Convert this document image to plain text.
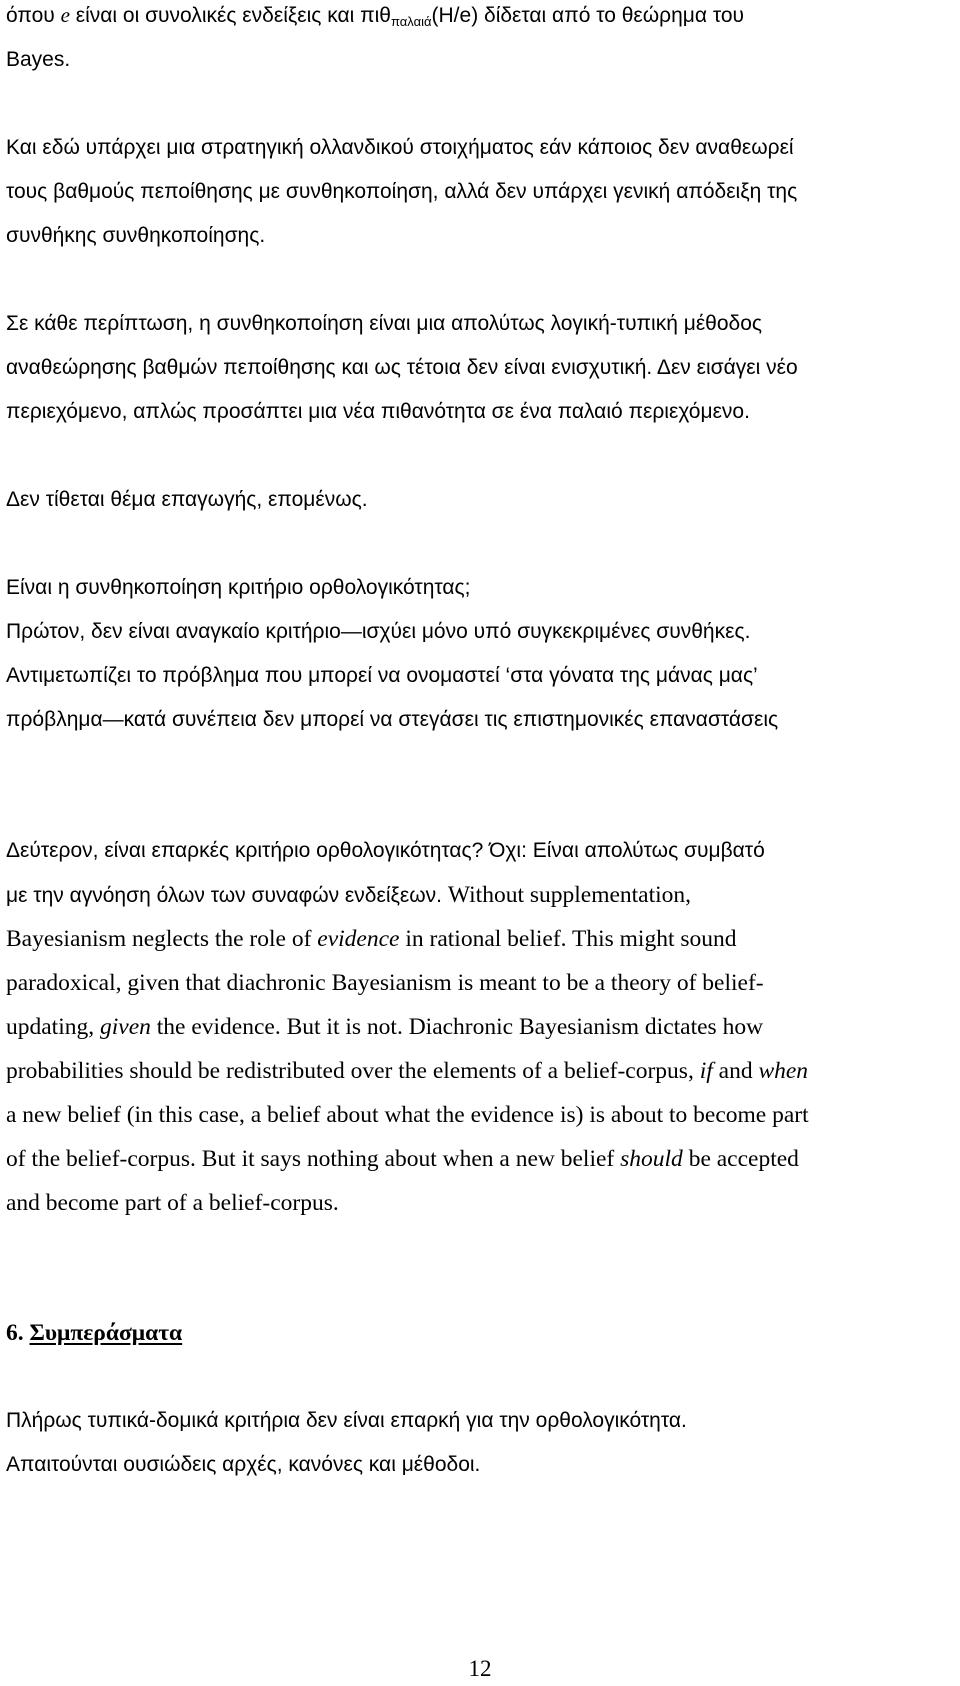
όπου e είναι οι συνολικές ενδείξεις και πιθ$_{\pi\alpha\lambda\alpha\iota ά}$(H/e) δίδεται από το θεώρημα του

Bayes.

Και εδώ υπάρχει μια στρατηγική ολλανδικού στοιχήματος εάν κάποιος δεν αναθεωρεί

τους βαθμούς πεποίθησης με συνθηκοποίηση, αλλά δεν υπάρχει γενική απόδειξη της

συνθήκης συνθηκοποίησης.

Σε κάθε περίπτωση, η συνθηκοποίηση είναι μια απολύτως λογική-τυπική μέθοδος

αναθεώρησης βαθμών πεποίθησης και ως τέτοια δεν είναι ενισχυτική. Δεν εισάγει νέο

περιεχόμενο, απλώς προσάπτει μια νέα πιθανότητα σε ένα παλαιό περιεχόμενο.

Δεν τίθεται θέμα επαγωγής, επομένως.

Είναι η συνθηκοποίηση κριτήριο ορθολογικότητας;

Πρώτον, δεν είναι αναγκαίο κριτήριο—ισχύει μόνο υπό συγκεκριμένες συνθήκες.

Αντιμετωπίζει το πρόβλημα που μπορεί να ονομαστεί ‘στα γόνατα της μάνας μας’

πρόβλημα—κατά συνέπεια δεν μπορεί να στεγάσει τις επιστημονικές επαναστάσεις

Δεύτερον, είναι επαρκές κριτήριο ορθολογικότητας? Όχι: Είναι απολύτως συμβατό

με την αγνόηση όλων των συναφών ενδείξεων. Without supplementation,

Bayesianism neglects the role of evidence in rational belief. This might sound

paradoxical, given that diachronic Bayesianism is meant to be a theory of belief-

updating, given the evidence. But it is not. Diachronic Bayesianism dictates how

probabilities should be redistributed over the elements of a belief-corpus, if and when

a new belief (in this case, a belief about what the evidence is) is about to become part

of the belief-corpus. But it says nothing about when a new belief should be accepted

and become part of a belief-corpus.

6. Συμπεράσματα

Πλήρως τυπικά-δομικά κριτήρια δεν είναι επαρκή για την ορθολογικότητα.

Απαιτούνται ουσιώδεις αρχές, κανόνες και μέθοδοι.

12
